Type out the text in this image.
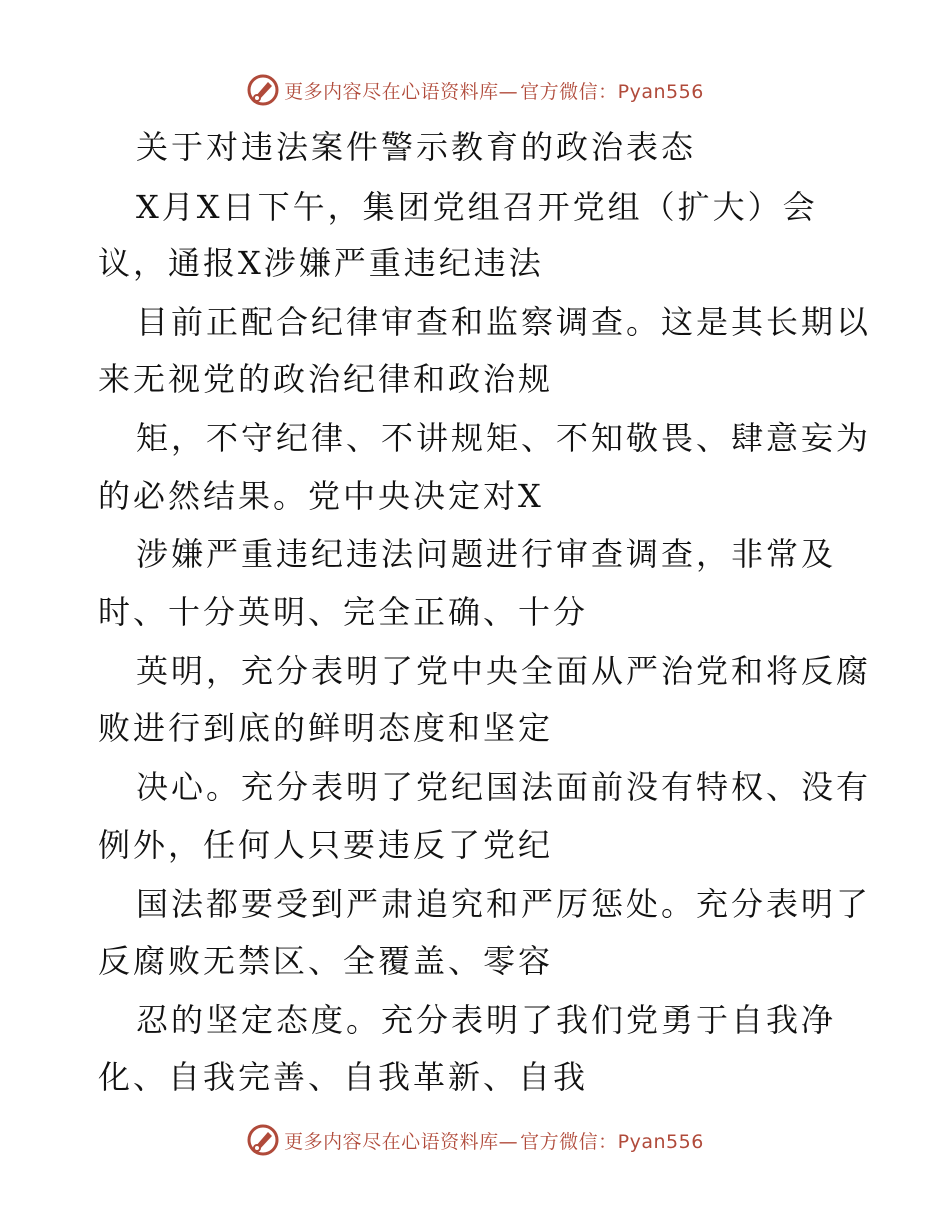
更多内容尽在心语资料库— 官方微信：Pyan556
关于对违法案件警示教育的政治表态
X月X日下午，集团党组召开党组（扩大）会
议，通报X涉嫌严重违纪违法
目前正配合纪律审查和监察调查。这是其长期以
来无视党的政治纪律和政治规
矩，不守纪律、不讲规矩、不知敬畏、肆意妄为
的必然结果。党中央决定对X
涉嫌严重违纪违法问题进行审查调查，非常及
时、十分英明、完全正确、十分
英明，充分表明了党中央全面从严治党和将反腐
败进行到底的鲜明态度和坚定
决心。充分表明了党纪国法面前没有特权、没有
例外，任何人只要违反了党纪
国法都要受到严肃追究和严厉惩处。充分表明了
反腐败无禁区、全覆盖、零容
忍的坚定态度。充分表明了我们党勇于自我净
化、自我完善、自我革新、自我
更多内容尽在心语资料库— 官方微信：Pyan556
